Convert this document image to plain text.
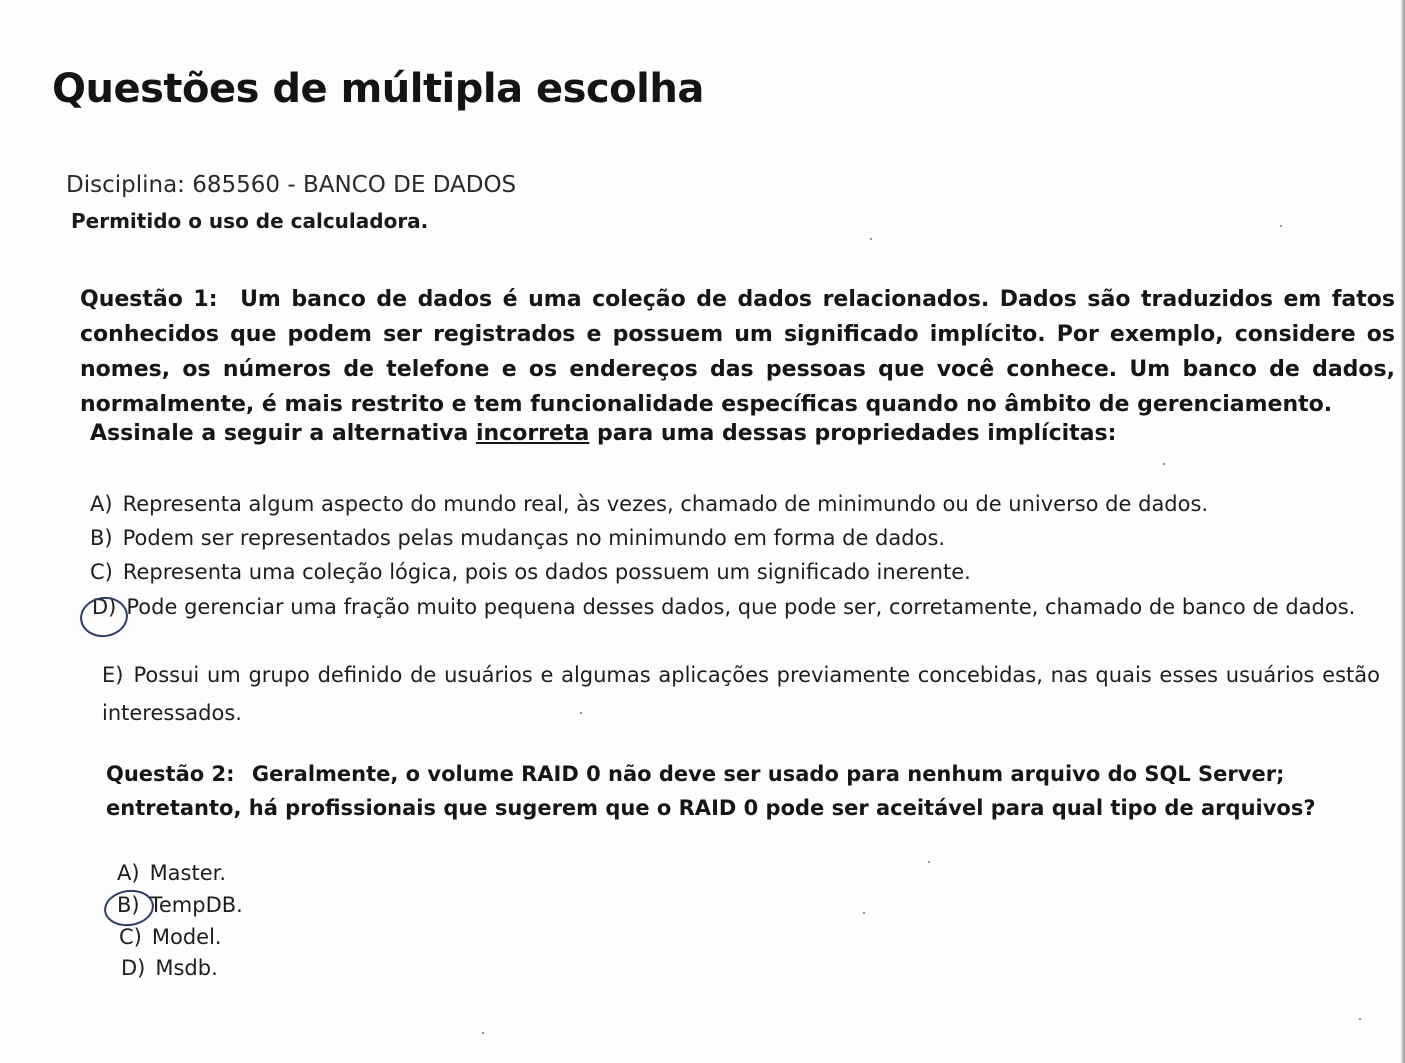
Questões de múltipla escolha
Disciplina: 685560 - BANCO DE DADOS
Permitido o uso de calculadora.
Questão 1: Um banco de dados é uma coleção de dados relacionados. Dados são traduzidos em fatos conhecidos que podem ser registrados e possuem um significado implícito. Por exemplo, considere os nomes, os números de telefone e os endereços das pessoas que você conhece. Um banco de dados, normalmente, é mais restrito e tem funcionalidade específicas quando no âmbito de gerenciamento.
Assinale a seguir a alternativa incorreta para uma dessas propriedades implícitas:
A) Representa algum aspecto do mundo real, às vezes, chamado de minimundo ou de universo de dados.
B) Podem ser representados pelas mudanças no minimundo em forma de dados.
C) Representa uma coleção lógica, pois os dados possuem um significado inerente.
D) Pode gerenciar uma fração muito pequena desses dados, que pode ser, corretamente, chamado de banco de dados.
E) Possui um grupo definido de usuários e algumas aplicações previamente concebidas, nas quais esses usuários estão interessados.
Questão 2: Geralmente, o volume RAID 0 não deve ser usado para nenhum arquivo do SQL Server; entretanto, há profissionais que sugerem que o RAID 0 pode ser aceitável para qual tipo de arquivos?
A) Master.
B) TempDB.
C) Model.
D) Msdb.
